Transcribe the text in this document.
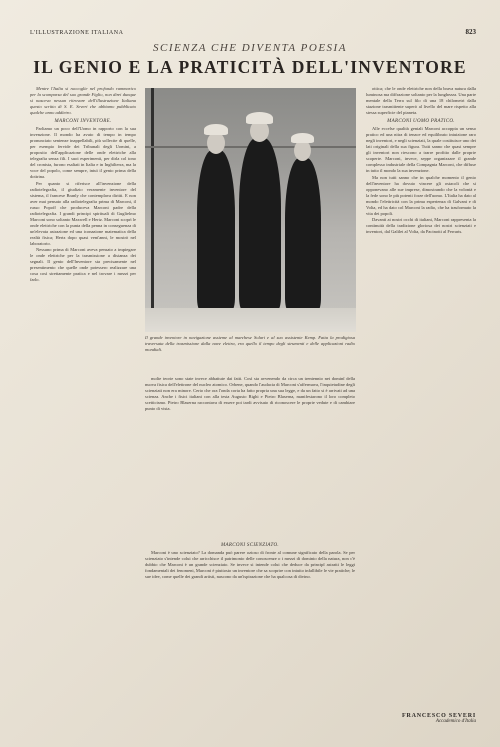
L'ILLUSTRAZIONE ITALIANA	823
SCIENZA CHE DIVENTA POESIA
IL GENIO E LA PRATICITÀ DELL'INVENTORE

Mentre l'Italia si raccoglie nel profondo rammarico per la scomparsa del suo grande Figlio, non direi dunque si nasceva nessun ritrovare dell'illustrazione Italiana questo scritto di S. E. Severi che abbiamo pubblicato qualche anno addietro.

MARCONI INVENTORE.

Parliamo un poco dell'Uomo in rapporto con la sua invenzione. Il mondo ha avuto di tempo in tempo pronunciato sentenze inappellabili, più sollecite di quelle, per esempio fervide dei Tribunali degli Uomini, a proposito dell'applicazione delle onde elettriche alla telegrafia senza fili. I suoi esperimenti, per dirla col tono del cronista, furono esaltati in Italia e in Inghilterra, ma la voce del popolo, come sempre, intuì il genio prima della dottrina.

Per quanto si riferisce all'invenzione della radiotelegrafia, il giudizio veramente inventore del sistema, il francese Branly che contemplava diritti. E non aver mai pensato alla radiotelegrafia prima di Marconi, il russo Popoff che produceva Marconi padre della radiotelegrafia. I grandi principi spirituali di Guglielmo Marconi sono soltanto Maxwell e Hertz. Marconi scoprì le onde elettriche con la punta della penna in conseguenza di un'elevata astrazione ed una iconazione matematica della realtà fisica; Hertz dopo quasi vent'anni, le mostrò nel laboratorio.

Nessuno prima di Marconi aveva pensato a impiegare le onde elettriche per la trasmissione a distanza dei segnali. Il genio dell'Inventore sta precisamente nel presentimento che quelle onde potessero realizzare una cosa così strettamente pratica e nel trovare i mezzi per farlo.

Il grande inventore in navigazione assieme al marchese Solari e al suo assistente Kemp. Fatta la prodigiosa traversata della trasmissione dalla nave elettra, era quello il tempo degli strumenti e delle applicazioni radio mondiali.

molte teorie sono state invece abbattute dai fatti. Così sta avvenendo da circa un trentennio nei dominî della nuova fisica dell'elettrone del nucleo atomico. Orbene, quando l'audacia di Marconi s'affermava, l'inquietudine degli scienziati non era minore. Certo che ora l'onda corta ha fatto propria una sua legge, e da un fatto si è arrivati ad una scienza. Anche i fisici italiani con alla testa Augusto Righi e Pietro Blaserna, manifestarono il loro completo scetticismo. Pietro Blaserna raccontava di essere poi tardi avvisato di riconoscere le proprie vedute e di cambiare punto di vista.

MARCONI SCIENZIATO.

Marconi è uno scienziato? La domanda può parere ozioso di fronte al comune significato della parola. Se per scienziato s'intende colui che arricchisce il patrimonio delle conoscenze o i mezzi di dominio della natura, non c'è dubbio che Marconi è un grande scienziato. Se invece si intende colui che deduce da principî astratti le leggi fondamentali dei fenomeni, Marconi è piuttosto un inventore che sa scoprire con intuito infallibile le vie pratiche; le sue idee, come quelle dei grandi artisti, nascono da un'ispirazione che ha qualcosa di divino.

ottica; che le onde elettriche non della brava natura dalla luminosa ma diffrazione soltanto per la lunghezza. Una parte mentale della Terra sul filo di una 18 chilometri dalla stazione trasmittente superò al livello del mare rispetto alla stessa superficie del pianeta.

MARCONI UOMO PRATICO.

Alle eccelse qualità geniali Marconi accoppia un senso pratico ed una nitra di tenace ed equilibrato intuizione raro negli inventori, e negli scienziati, la quale costituisce uno dei lati originali della sua figura. Tutti sanno che quasi sempre gli inventori non riescono a trarre profitto dalle proprie scoperte. Marconi, invece, seppe organizzare il grande complesso industriale della Compagnia Marconi, che diffuse in tutto il mondo la sua invenzione.

Ma non tutti sanno che in qualche momento il genio dell'inventore ha dovuto vincere gli ostacoli che si opponevano alle sue imprese, dimostrando che la volontà e la fede sono le più potenti forze dell'uomo. L'Italia ha dato al mondo l'elettricità con la prima esperienza di Galvani e di Volta, ed ha dato col Marconi la radio, che ha trasformato la vita dei popoli.

Davanti ai nostri occhi di italiani, Marconi rappresenta la continuità della tradizione gloriosa dei nostri scienziati e inventori, dal Galilei al Volta, da Pacinotti al Ferraris.

FRANCESCO SEVERI
Accademico d'Italia
